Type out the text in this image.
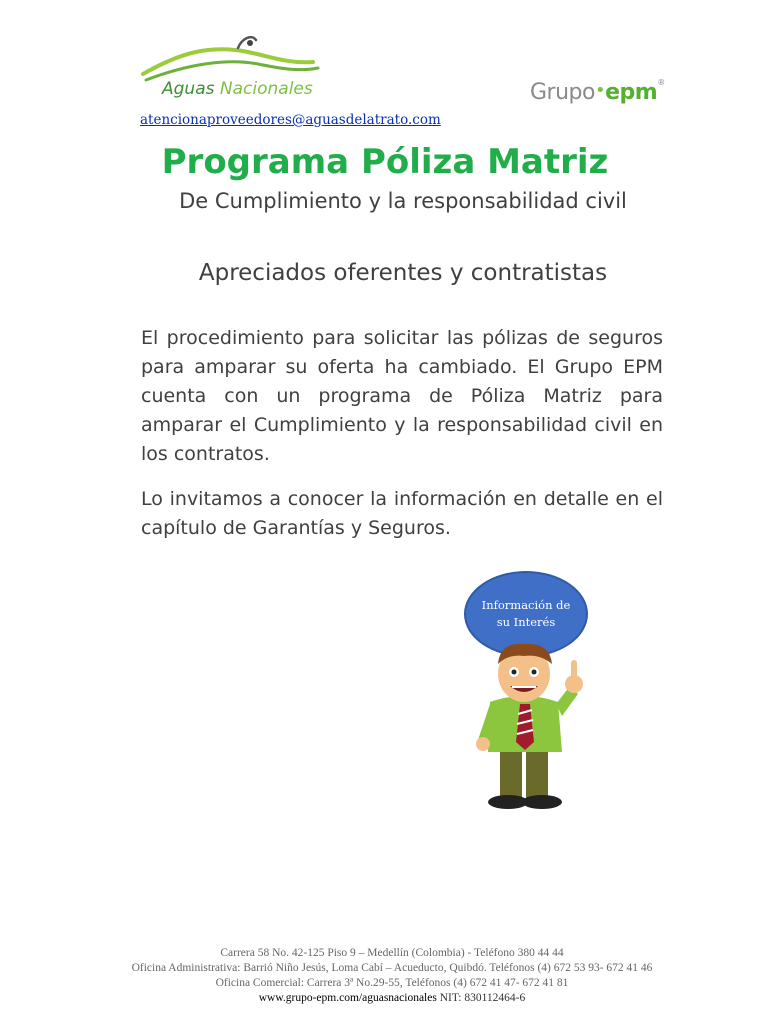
Aguas Nacionales	Grupo•epm®
atencionaproveedores@aguasdelatrato.com
Programa Póliza Matriz
De Cumplimiento y la responsabilidad civil
Apreciados oferentes y contratistas
El procedimiento para solicitar las pólizas de seguros para amparar su oferta ha cambiado. El Grupo EPM cuenta con un programa de Póliza Matriz para amparar el Cumplimiento y la responsabilidad civil en los contratos.
Lo invitamos a conocer la información en detalle en el capítulo de Garantías y Seguros.
Información de su Interés
Carrera 58 No. 42-125 Piso 9 – Medellín (Colombia) - Teléfono 380 44 44
Oficina Administrativa: Barrió Niño Jesús, Loma Cabí – Acueducto, Quibdó. Teléfonos (4) 672 53 93- 672 41 46
Oficina Comercial: Carrera 3ª No.29-55, Teléfonos (4) 672 41 47- 672 41 81
www.grupo-epm.com/aguasnacionales NIT: 830112464-6
